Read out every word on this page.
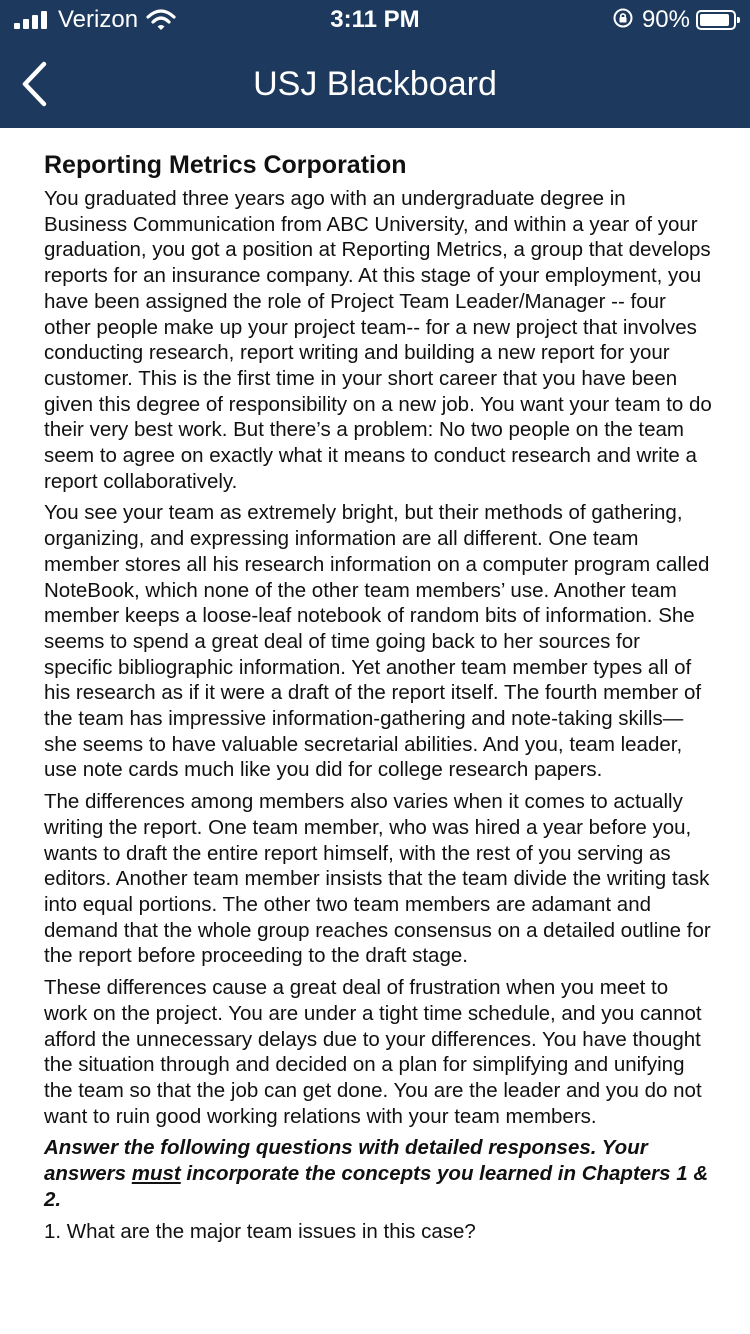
Verizon	3:11 PM	90%
USJ Blackboard
Reporting Metrics Corporation

You graduated three years ago with an undergraduate degree in Business Communication from ABC University, and within a year of your graduation, you got a position at Reporting Metrics, a group that develops reports for an insurance company. At this stage of your employment, you have been assigned the role of Project Team Leader/Manager -- four other people make up your project team-- for a new project that involves conducting research, report writing and building a new report for your customer. This is the first time in your short career that you have been given this degree of responsibility on a new job. You want your team to do their very best work. But there’s a problem: No two people on the team seem to agree on exactly what it means to conduct research and write a report collaboratively.

You see your team as extremely bright, but their methods of gathering, organizing, and expressing information are all different. One team member stores all his research information on a computer program called NoteBook, which none of the other team members’ use. Another team member keeps a loose-leaf notebook of random bits of information. She seems to spend a great deal of time going back to her sources for specific bibliographic information. Yet another team member types all of his research as if it were a draft of the report itself. The fourth member of the team has impressive information-gathering and note-taking skills—she seems to have valuable secretarial abilities. And you, team leader, use note cards much like you did for college research papers.

The differences among members also varies when it comes to actually writing the report. One team member, who was hired a year before you, wants to draft the entire report himself, with the rest of you serving as editors. Another team member insists that the team divide the writing task into equal portions. The other two team members are adamant and demand that the whole group reaches consensus on a detailed outline for the report before proceeding to the draft stage.

These differences cause a great deal of frustration when you meet to work on the project. You are under a tight time schedule, and you cannot afford the unnecessary delays due to your differences. You have thought the situation through and decided on a plan for simplifying and unifying the team so that the job can get done. You are the leader and you do not want to ruin good working relations with your team members.

Answer the following questions with detailed responses. Your answers must incorporate the concepts you learned in Chapters 1 & 2.

1. What are the major team issues in this case?
